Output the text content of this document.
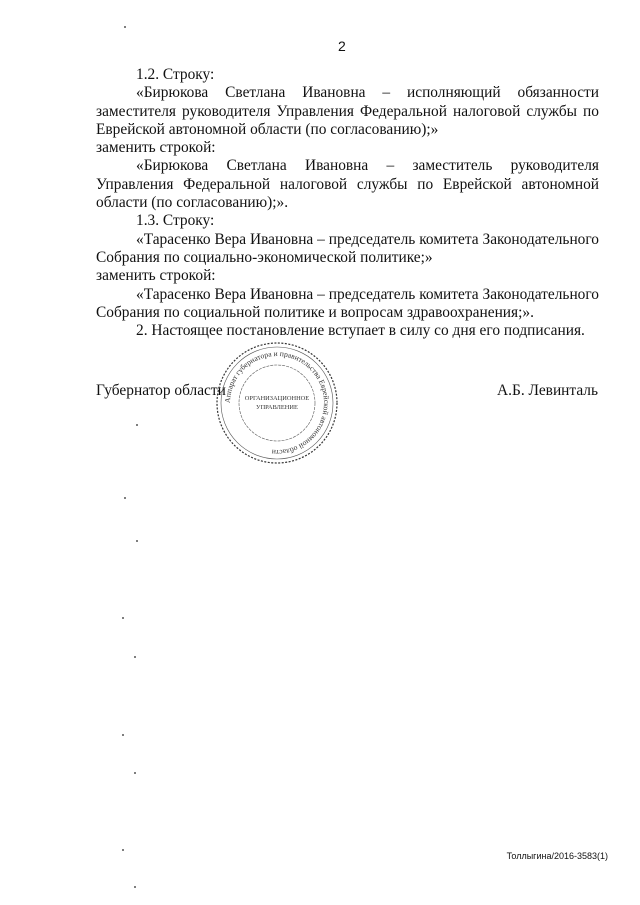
2

1.2. Строку:

«Бирюкова Светлана Ивановна – исполняющий обязанности заместителя руководителя Управления Федеральной налоговой службы по Еврейской автономной области (по согласованию);»

заменить строкой:

«Бирюкова Светлана Ивановна – заместитель руководителя Управления Федеральной налоговой службы по Еврейской автономной области (по согласованию);».

1.3. Строку:

«Тарасенко Вера Ивановна – председатель комитета Законодательного Собрания по социально-экономической политике;»

заменить строкой:

«Тарасенко Вера Ивановна – председатель комитета Законодательного Собрания по социальной политике и вопросам здравоохранения;».

2. Настоящее постановление вступает в силу со дня его подписания.

Губернатор области	А.Б. Левинталь
Аппарат губернатора и правительства Еврейской автономной области
ОРГАНИЗАЦИОННОЕ
УПРАВЛЕНИЕ
Толлыгина/2016-3583(1)
